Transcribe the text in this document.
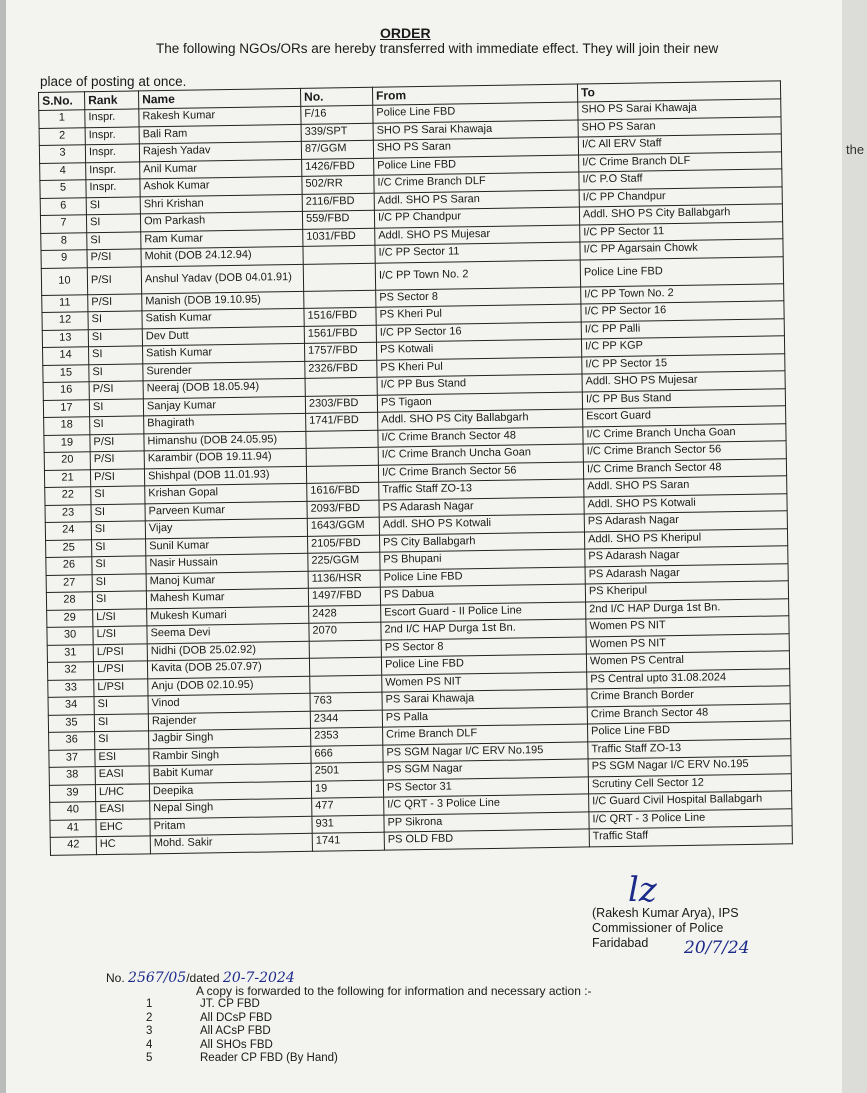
the
ORDER
The following NGOs/ORs are hereby transferred with immediate effect. They will join their new
place of posting at once.
S.No.	Rank	Name	No.	From	To
1	Inspr.	Rakesh Kumar	F/16	Police Line FBD	SHO PS Sarai Khawaja
2	Inspr.	Bali Ram	339/SPT	SHO PS Sarai Khawaja	SHO PS Saran
3	Inspr.	Rajesh Yadav	87/GGM	SHO PS Saran	I/C All ERV Staff
4	Inspr.	Anil Kumar	1426/FBD	Police Line FBD	I/C Crime Branch DLF
5	Inspr.	Ashok Kumar	502/RR	I/C Crime Branch DLF	I/C P.O Staff
6	SI	Shri Krishan	2116/FBD	Addl. SHO PS Saran	I/C PP Chandpur
7	SI	Om Parkash	559/FBD	I/C PP Chandpur	Addl. SHO PS City Ballabgarh
8	SI	Ram Kumar	1031/FBD	Addl. SHO PS Mujesar	I/C PP Sector 11
9	P/SI	Mohit (DOB 24.12.94)		I/C PP Sector 11	I/C PP Agarsain Chowk
10	P/SI	Anshul Yadav (DOB 04.01.91)		I/C PP Town No. 2	Police Line FBD
11	P/SI	Manish (DOB 19.10.95)		PS Sector 8	I/C PP Town No. 2
12	SI	Satish Kumar	1516/FBD	PS Kheri Pul	I/C PP Sector 16
13	SI	Dev Dutt	1561/FBD	I/C PP Sector 16	I/C PP Palli
14	SI	Satish Kumar	1757/FBD	PS Kotwali	I/C PP KGP
15	SI	Surender	2326/FBD	PS Kheri Pul	I/C PP Sector 15
16	P/SI	Neeraj (DOB 18.05.94)		I/C PP Bus Stand	Addl. SHO PS Mujesar
17	SI	Sanjay Kumar	2303/FBD	PS Tigaon	I/C PP Bus Stand
18	SI	Bhagirath	1741/FBD	Addl. SHO PS City Ballabgarh	Escort Guard
19	P/SI	Himanshu (DOB 24.05.95)		I/C Crime Branch Sector 48	I/C Crime Branch Uncha Goan
20	P/SI	Karambir (DOB 19.11.94)		I/C Crime Branch Uncha Goan	I/C Crime Branch Sector 56
21	P/SI	Shishpal (DOB 11.01.93)		I/C Crime Branch Sector 56	I/C Crime Branch Sector 48
22	SI	Krishan Gopal	1616/FBD	Traffic Staff ZO-13	Addl. SHO PS Saran
23	SI	Parveen Kumar	2093/FBD	PS Adarash Nagar	Addl. SHO PS Kotwali
24	SI	Vijay	1643/GGM	Addl. SHO PS Kotwali	PS Adarash Nagar
25	SI	Sunil Kumar	2105/FBD	PS City Ballabgarh	Addl. SHO PS Kheripul
26	SI	Nasir Hussain	225/GGM	PS Bhupani	PS Adarash Nagar
27	SI	Manoj Kumar	1136/HSR	Police Line FBD	PS Adarash Nagar
28	SI	Mahesh Kumar	1497/FBD	PS Dabua	PS Kheripul
29	L/SI	Mukesh Kumari	2428	Escort Guard - II Police Line	2nd I/C HAP Durga 1st Bn.
30	L/SI	Seema Devi	2070	2nd I/C HAP Durga 1st Bn.	Women PS NIT
31	L/PSI	Nidhi (DOB 25.02.92)		PS Sector 8	Women PS NIT
32	L/PSI	Kavita (DOB 25.07.97)		Police Line FBD	Women PS Central
33	L/PSI	Anju (DOB 02.10.95)		Women PS NIT	PS Central upto 31.08.2024
34	SI	Vinod	763	PS Sarai Khawaja	Crime Branch Border
35	SI	Rajender	2344	PS Palla	Crime Branch Sector 48
36	SI	Jagbir Singh	2353	Crime Branch DLF	Police Line FBD
37	ESI	Rambir Singh	666	PS SGM Nagar I/C ERV No.195	Traffic Staff ZO-13
38	EASI	Babit Kumar	2501	PS SGM Nagar	PS SGM Nagar I/C ERV No.195
39	L/HC	Deepika	19	PS Sector 31	Scrutiny Cell Sector 12
40	EASI	Nepal Singh	477	I/C QRT - 3 Police Line	I/C Guard Civil Hospital Ballabgarh
41	EHC	Pritam	931	PP Sikrona	I/C QRT - 3 Police Line
42	HC	Mohd. Sakir	1741	PS OLD FBD	Traffic Staff
lz
(Rakesh Kumar Arya), IPS
Commissioner of Police
Faridabad	20/7/24
No. 2567/05/dated 20-7-2024
A copy is forwarded to the following for information and necessary action :-
1	JT. CP FBD
2	All DCsP FBD
3	All ACsP FBD
4	All SHOs FBD
5	Reader CP FBD (By Hand)
